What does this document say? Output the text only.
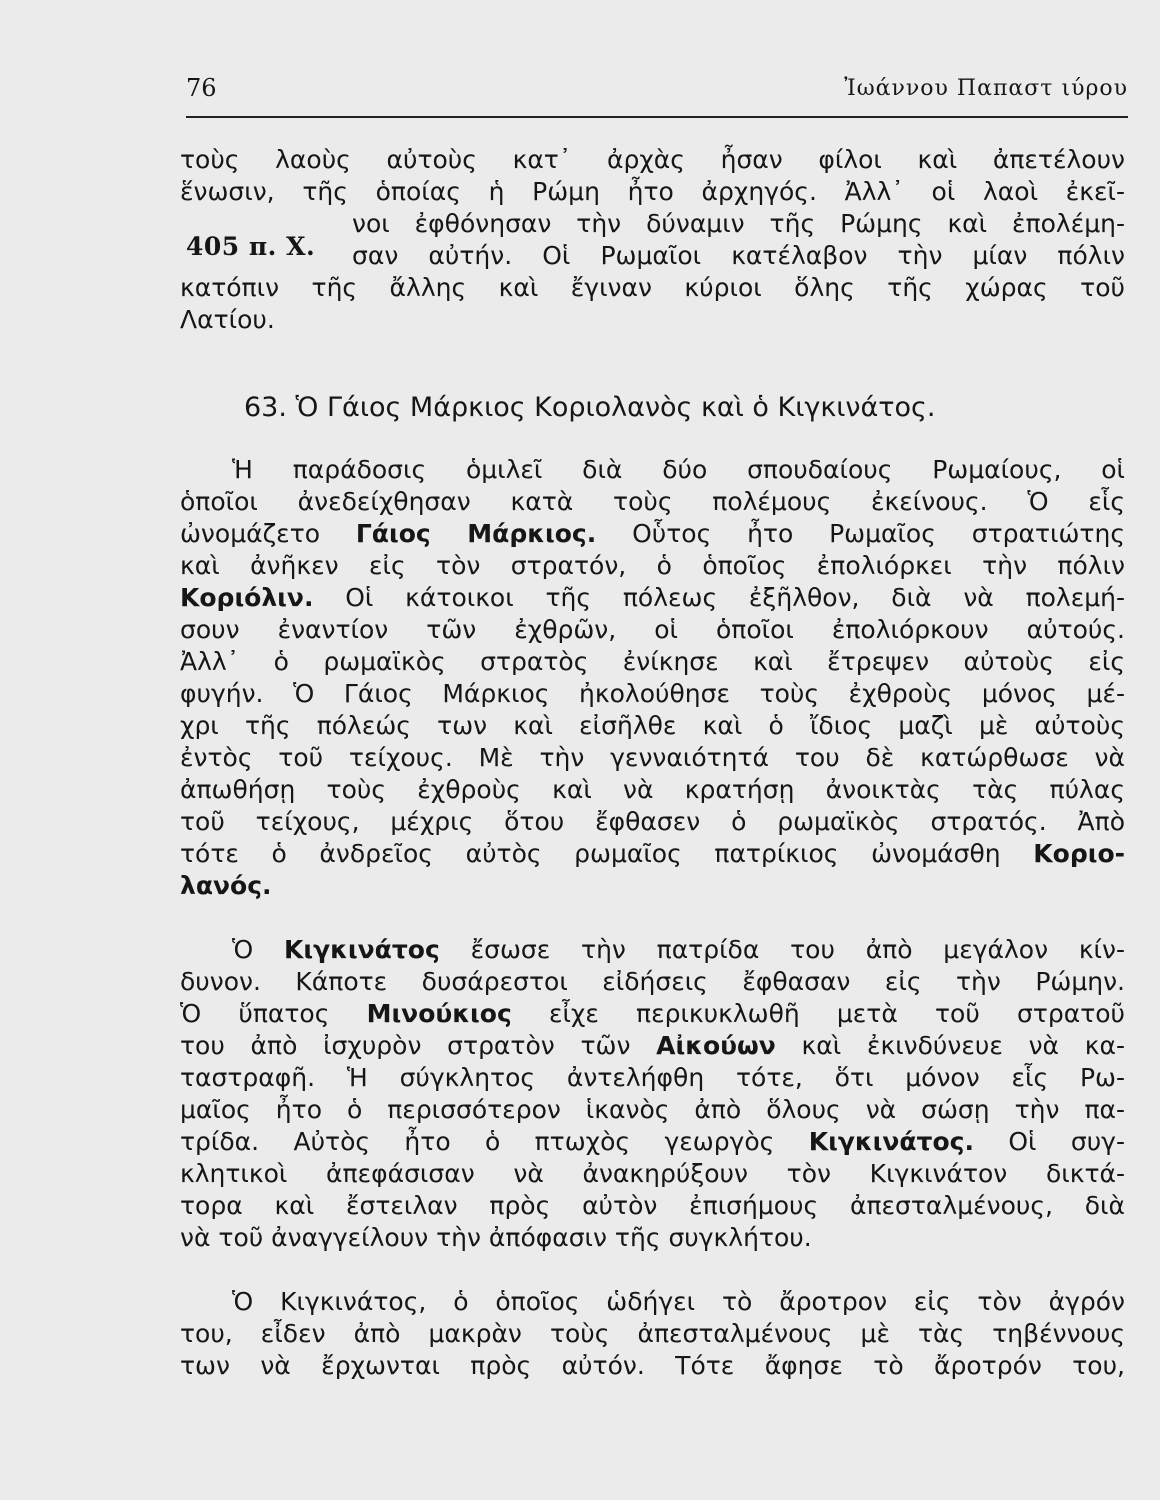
76	Ἰωάννου Παπαστ ιύρου
405 π. Χ.
τοὺς λαοὺς αὐτοὺς κατ᾽ ἀρχὰς ἦσαν φίλοι καὶ ἀπετέλουν
ἕνωσιν, τῆς ὁποίας ἡ Ρώμη ἦτο ἀρχηγός. Ἀλλ᾽ οἱ λαοὶ ἐκεῖ-
νοι ἐφθόνησαν τὴν δύναμιν τῆς Ρώμης καὶ ἐπολέμη-
σαν αὐτήν. Οἱ Ρωμαῖοι κατέλαβον τὴν μίαν πόλιν
κατόπιν τῆς ἄλλης καὶ ἔγιναν κύριοι ὅλης τῆς χώρας τοῦ
Λατίου.
63. Ὁ Γάιος Μάρκιος Κοριολανὸς καὶ ὁ Κιγκινάτος.
Ἡ παράδοσις ὁμιλεῖ διὰ δύο σπουδαίους Ρωμαίους, οἱ
ὁποῖοι ἀνεδείχθησαν κατὰ τοὺς πολέμους ἐκείνους. Ὁ εἷς
ὠνομάζετο Γάιος Μάρκιος. Οὗτος ἦτο Ρωμαῖος στρατιώτης
καὶ ἀνῆκεν εἰς τὸν στρατόν, ὁ ὁποῖος ἐπολιόρκει τὴν πόλιν
Κοριόλιν. Οἱ κάτοικοι τῆς πόλεως ἐξῆλθον, διὰ νὰ πολεμή-
σουν ἐναντίον τῶν ἐχθρῶν, οἱ ὁποῖοι ἐπολιόρκουν αὐτούς.
Ἀλλ᾽ ὁ ρωμαϊκὸς στρατὸς ἐνίκησε καὶ ἔτρεψεν αὐτοὺς εἰς
φυγήν. Ὁ Γάιος Μάρκιος ἠκολούθησε τοὺς ἐχθροὺς μόνος μέ-
χρι τῆς πόλεώς των καὶ εἰσῆλθε καὶ ὁ ἴδιος μαζὶ μὲ αὐτοὺς
ἐντὸς τοῦ τείχους. Μὲ τὴν γενναιότητά του δὲ κατώρθωσε νὰ
ἀπωθήσῃ τοὺς ἐχθροὺς καὶ νὰ κρατήσῃ ἀνοικτὰς τὰς πύλας
τοῦ τείχους, μέχρις ὅτου ἔφθασεν ὁ ρωμαϊκὸς στρατός. Ἀπὸ
τότε ὁ ἀνδρεῖος αὐτὸς ρωμαῖος πατρίκιος ὠνομάσθη Κοριο-
λανός.
Ὁ Κιγκινάτος ἔσωσε τὴν πατρίδα του ἀπὸ μεγάλον κίν-
δυνον. Κάποτε δυσάρεστοι εἰδήσεις ἔφθασαν εἰς τὴν Ρώμην.
Ὁ ὕπατος Μινούκιος εἶχε περικυκλωθῆ μετὰ τοῦ στρατοῦ
του ἀπὸ ἰσχυρὸν στρατὸν τῶν Αἰκούων καὶ ἐκινδύνευε νὰ κα-
ταστραφῆ. Ἡ σύγκλητος ἀντελήφθη τότε, ὅτι μόνον εἷς Ρω-
μαῖος ἦτο ὁ περισσότερον ἱκανὸς ἀπὸ ὅλους νὰ σώσῃ τὴν πα-
τρίδα. Αὐτὸς ἦτο ὁ πτωχὸς γεωργὸς Κιγκινάτος. Οἱ συγ-
κλητικοὶ ἀπεφάσισαν νὰ ἀνακηρύξουν τὸν Κιγκινάτον δικτά-
τορα καὶ ἔστειλαν πρὸς αὐτὸν ἐπισήμους ἀπεσταλμένους, διὰ
νὰ τοῦ ἀναγγείλουν τὴν ἀπόφασιν τῆς συγκλήτου.
Ὁ Κιγκινάτος, ὁ ὁποῖος ὡδήγει τὸ ἄροτρον εἰς τὸν ἀγρόν
του, εἶδεν ἀπὸ μακρὰν τοὺς ἀπεσταλμένους μὲ τὰς τηβέννους
των νὰ ἔρχωνται πρὸς αὐτόν. Τότε ἄφησε τὸ ἄροτρόν του,
